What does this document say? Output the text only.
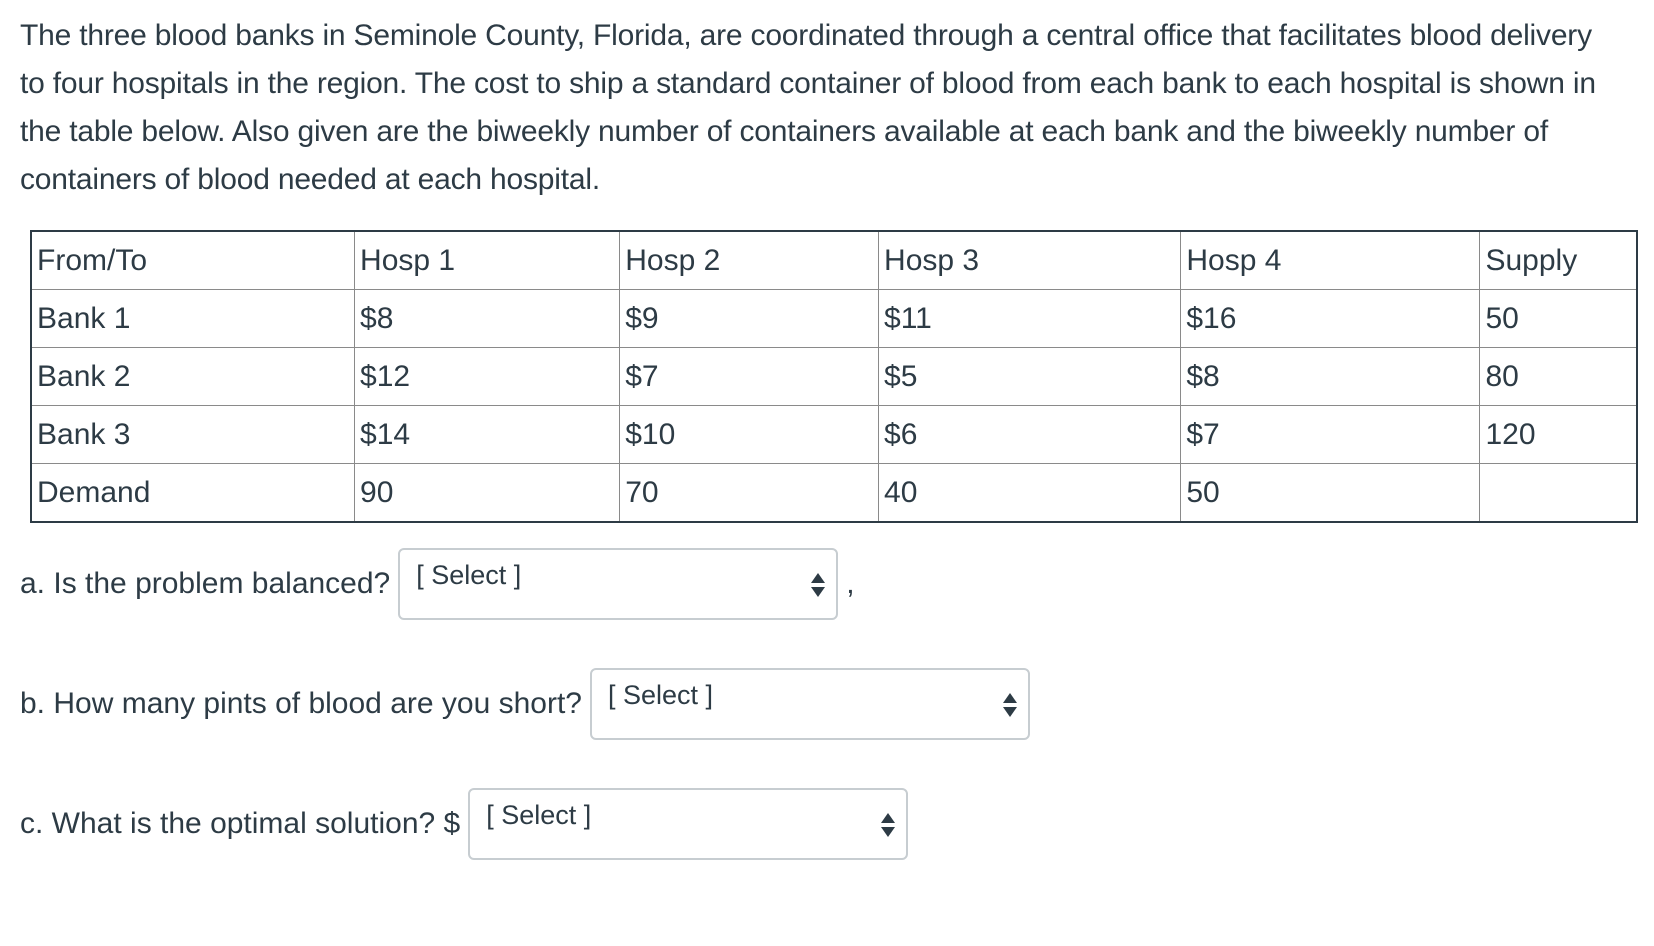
The three blood banks in Seminole County, Florida, are coordinated through a central office that facilitates blood delivery to four hospitals in the region. The cost to ship a standard container of blood from each bank to each hospital is shown in the table below. Also given are the biweekly number of containers available at each bank and the biweekly number of containers of blood needed at each hospital.

From/To	Hosp 1	Hosp 2	Hosp 3	Hosp 4	Supply
Bank 1	$8	$9	$11	$16	50
Bank 2	$12	$7	$5	$8	80
Bank 3	$14	$10	$6	$7	120
Demand	90	70	40	50	
a. Is the problem balanced? [ Select ]	,
b. How many pints of blood are you short? [ Select ]
c. What is the optimal solution? $ [ Select ]
